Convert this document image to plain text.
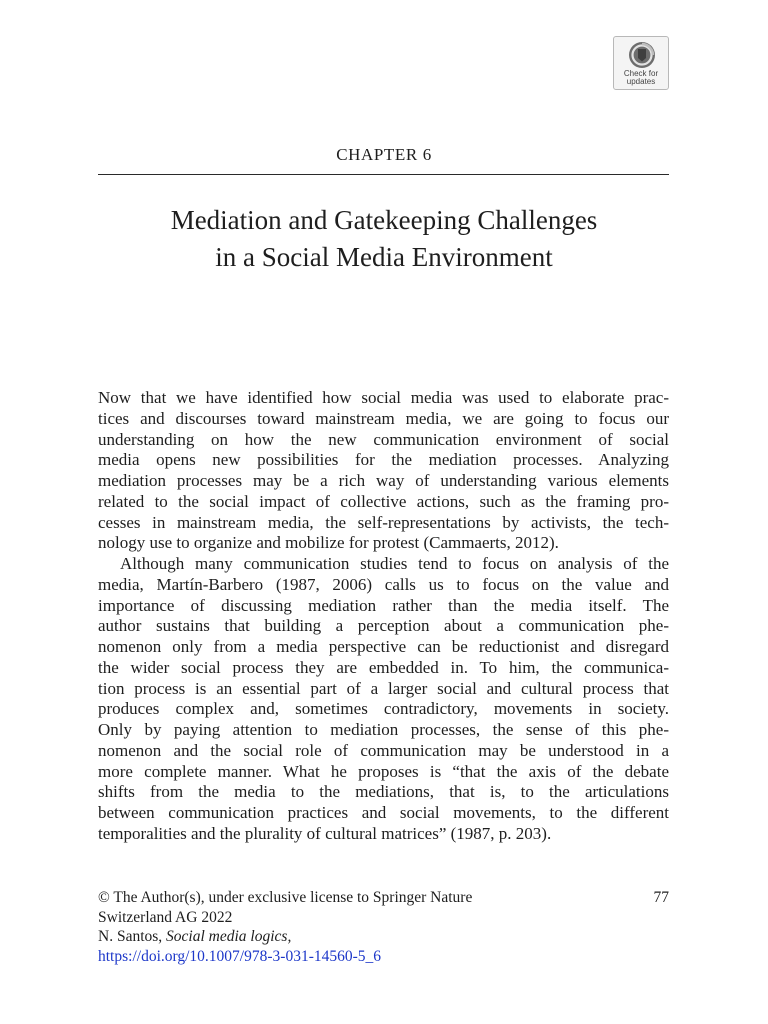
Check for
updates
CHAPTER 6
Mediation and Gatekeeping Challenges
in a Social Media Environment
Now that we have identified how social media was used to elaborate prac-
tices and discourses toward mainstream media, we are going to focus our
understanding on how the new communication environment of social
media opens new possibilities for the mediation processes. Analyzing
mediation processes may be a rich way of understanding various elements
related to the social impact of collective actions, such as the framing pro-
cesses in mainstream media, the self-representations by activists, the tech-
nology use to organize and mobilize for protest (Cammaerts, 2012).
Although many communication studies tend to focus on analysis of the
media, Martín-Barbero (1987, 2006) calls us to focus on the value and
importance of discussing mediation rather than the media itself. The
author sustains that building a perception about a communication phe-
nomenon only from a media perspective can be reductionist and disregard
the wider social process they are embedded in. To him, the communica-
tion process is an essential part of a larger social and cultural process that
produces complex and, sometimes contradictory, movements in society.
Only by paying attention to mediation processes, the sense of this phe-
nomenon and the social role of communication may be understood in a
more complete manner. What he proposes is “that the axis of the debate
shifts from the media to the mediations, that is, to the articulations
between communication practices and social movements, to the different
temporalities and the plurality of cultural matrices” (1987, p. 203).
© The Author(s), under exclusive license to Springer Nature
Switzerland AG 2022
N. Santos, Social media logics,
https://doi.org/10.1007/978-3-031-14560-5_6
77
